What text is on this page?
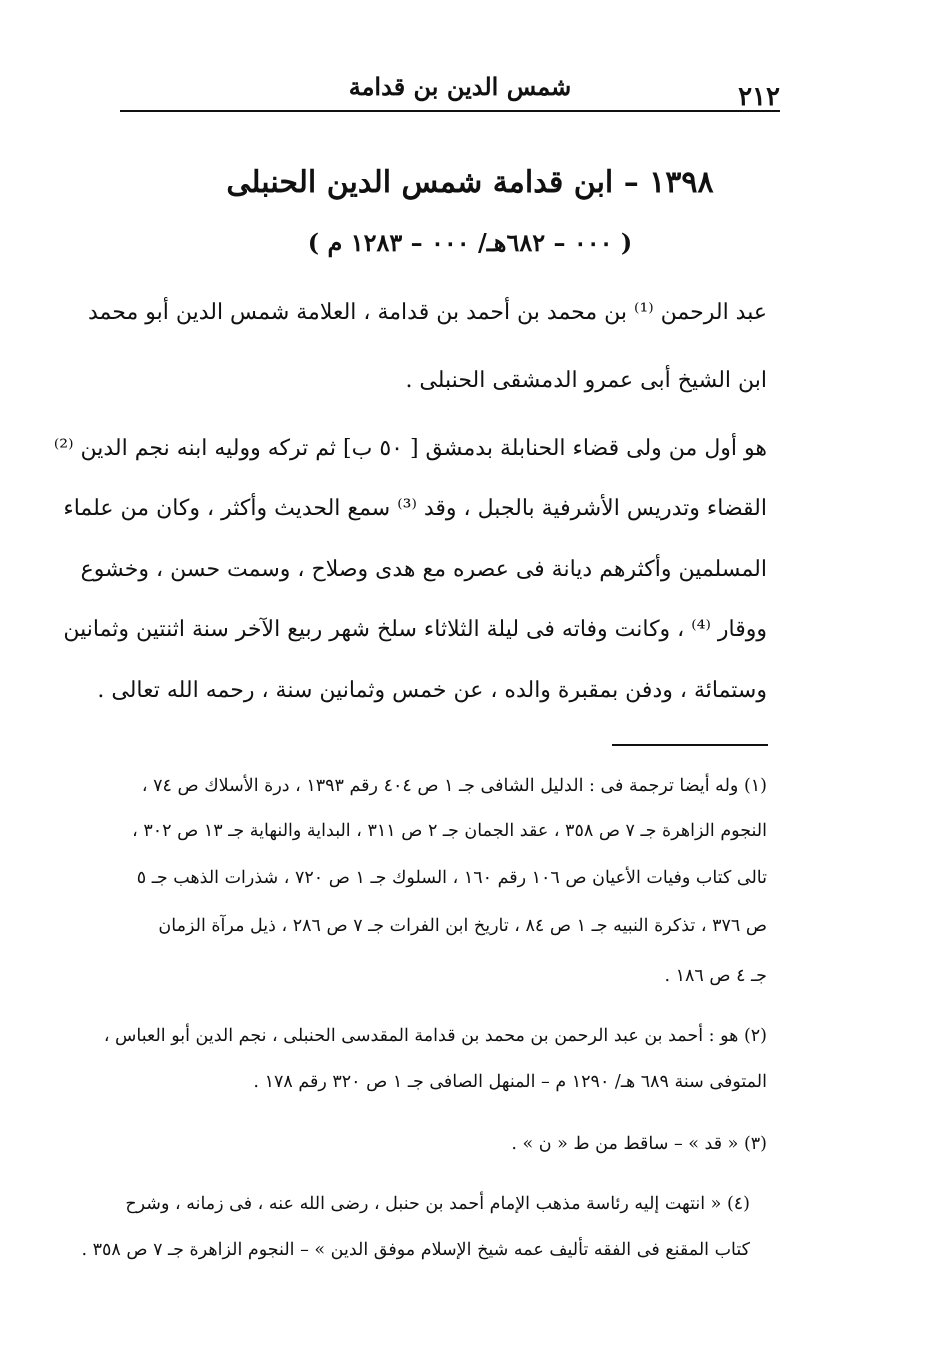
٢١٢
شمس الدين بن قدامة
١٣٩٨ – ابن قدامة شمس الدين الحنبلى
( ٠٠٠ – ٦٨٢هـ/ ٠٠٠ – ١٢٨٣ م )
عبد الرحمن ⁽¹⁾ بن محمد بن أحمد بن قدامة ، العلامة شمس الدين أبو محمد
ابن الشيخ أبى عمرو الدمشقى الحنبلى .
هو أول من ولى قضاء الحنابلة بدمشق [ ٥٠ ب] ثم تركه ووليه ابنه نجم الدين ⁽²⁾
القضاء وتدريس الأشرفية بالجبل ، وقد ⁽³⁾ سمع الحديث وأكثر ، وكان من علماء
المسلمين وأكثرهم ديانة فى عصره مع هدى وصلاح ، وسمت حسن ، وخشوع
ووقار ⁽⁴⁾ ، وكانت وفاته فى ليلة الثلاثاء سلخ شهر ربيع الآخر سنة اثنتين وثمانين
وستمائة ، ودفن بمقبرة والده ، عن خمس وثمانين سنة ، رحمه الله تعالى .
(١) وله أيضا ترجمة فى : الدليل الشافى جـ ١ ص ٤٠٤ رقم ١٣٩٣ ، درة الأسلاك ص ٧٤ ،
النجوم الزاهرة جـ ٧ ص ٣٥٨ ، عقد الجمان جـ ٢ ص ٣١١ ، البداية والنهاية جـ ١٣ ص ٣٠٢ ،
تالى كتاب وفيات الأعيان ص ١٠٦ رقم ١٦٠ ، السلوك جـ ١ ص ٧٢٠ ، شذرات الذهب جـ ٥
ص ٣٧٦ ، تذكرة النبيه جـ ١ ص ٨٤ ، تاريخ ابن الفرات جـ ٧ ص ٢٨٦ ، ذيل مرآة الزمان
جـ ٤ ص ١٨٦ .
(٢) هو : أحمد بن عبد الرحمن بن محمد بن قدامة المقدسى الحنبلى ، نجم الدين أبو العباس ،
المتوفى سنة ٦٨٩ هـ/ ١٢٩٠ م – المنهل الصافى جـ ١ ص ٣٢٠ رقم ١٧٨ .
(٣) « قد » – ساقط من ط « ن » .
(٤) « انتهت إليه رئاسة مذهب الإمام أحمد بن حنبل ، رضى الله عنه ، فى زمانه ، وشرح
كتاب المقنع فى الفقه تأليف عمه شيخ الإسلام موفق الدين » – النجوم الزاهرة جـ ٧ ص ٣٥٨ .
